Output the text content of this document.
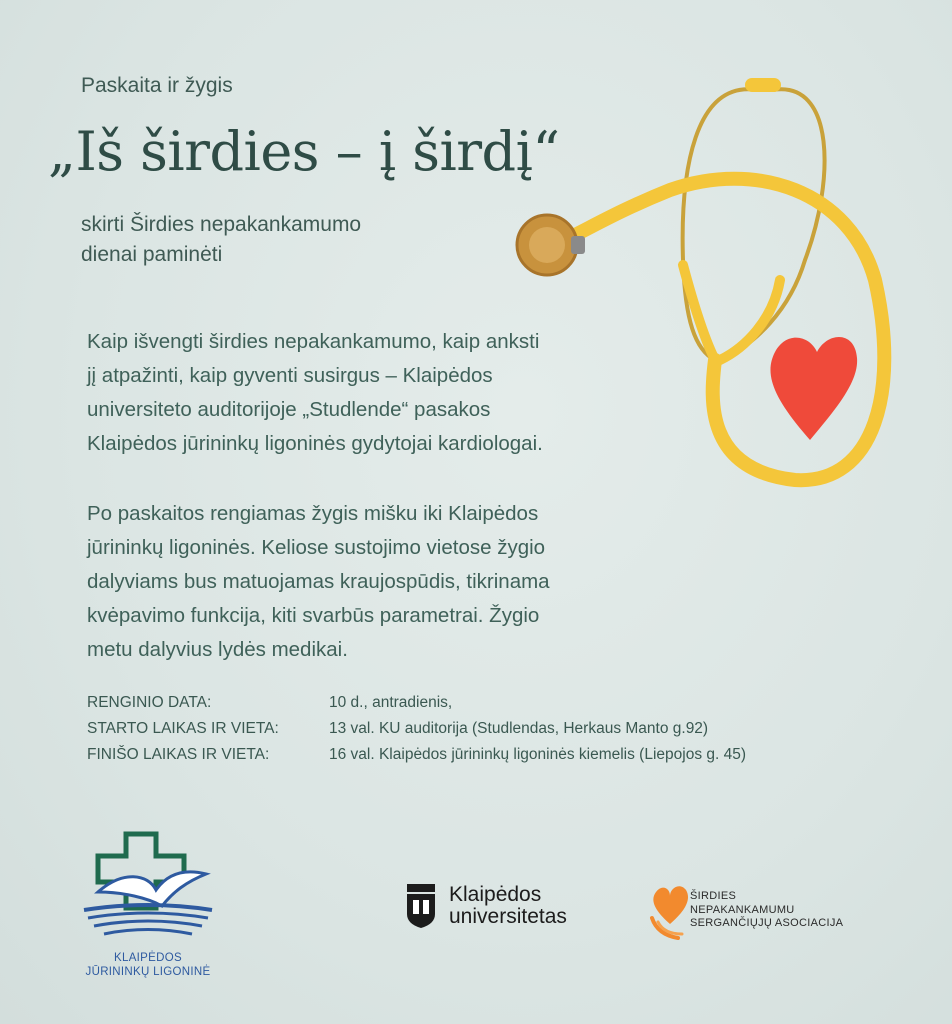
Paskaita ir žygis
„Iš širdies – į širdį“
skirti Širdies nepakankamumo
dienai paminėti
Kaip išvengti širdies nepakankamumo, kaip anksti
jį atpažinti, kaip gyventi susirgus – Klaipėdos
universiteto auditorijoje „Studlende“ pasakos
Klaipėdos jūrininkų ligoninės gydytojai kardiologai.
Po paskaitos rengiamas žygis mišku iki Klaipėdos
jūrininkų ligoninės. Keliose sustojimo vietose žygio
dalyviams bus matuojamas kraujospūdis, tikrinama
kvėpavimo funkcija, kiti svarbūs parametrai. Žygio
metu dalyvius lydės medikai.
RENGINIO DATA:	10 d., antradienis,
STARTO LAIKAS IR VIETA:	13 val. KU auditorija (Studlendas, Herkaus Manto g.92)
FINIŠO LAIKAS IR VIETA:	16 val. Klaipėdos jūrininkų ligoninės kiemelis (Liepojos g. 45)
KLAIPĖDOS
JŪRININKŲ LIGONINĖ
Klaipėdos
universitetas
ŠIRDIES
NEPAKANKAMUMU
SERGANČIŲJŲ ASOCIACIJA
